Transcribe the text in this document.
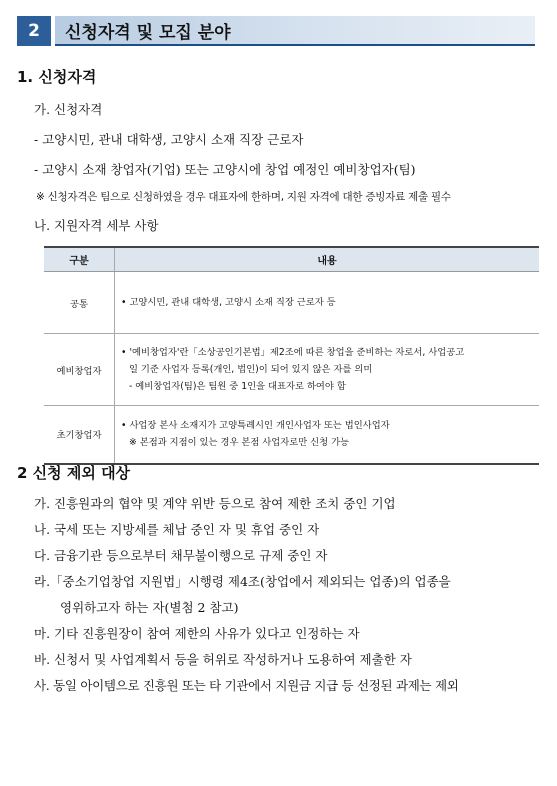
2	신청자격 및 모집 분야
1. 신청자격
가. 신청자격
- 고양시민, 관내 대학생, 고양시 소재 직장 근로자
- 고양시 소재 창업자(기업) 또는 고양시에 창업 예정인 예비창업자(팀)
※ 신청자격은 팀으로 신청하였을 경우 대표자에 한하며, 지원 자격에 대한 증빙자료 제출 필수
나. 지원자격 세부 사항
구분	내용
공통	• 고양시민, 관내 대학생, 고양시 소재 직장 근로자 등
예비창업자	• '예비창업자'란「소상공인기본법」제2조에 따른 창업을 준비하는 자로서, 사업공고
일 기준 사업자 등록(개인, 법인)이 되어 있지 않은 자를 의미
- 예비창업자(팀)은 팀원 중 1인을 대표자로 하여야 함

초기창업자	• 사업장 본사 소재지가 고양특례시인 개인사업자 또는 법인사업자
※ 본점과 지점이 있는 경우 본점 사업자로만 신청 가능
2 신청 제외 대상
가. 진흥원과의 협약 및 계약 위반 등으로 참여 제한 조치 중인 기업
나. 국세 또는 지방세를 체납 중인 자 및 휴업 중인 자
다. 금융기관 등으로부터 채무불이행으로 규제 중인 자
라.「중소기업창업 지원법」시행령 제4조(창업에서 제외되는 업종)의 업종을
영위하고자 하는 자(별첨 2 참고)
마. 기타 진흥원장이 참여 제한의 사유가 있다고 인정하는 자
바. 신청서 및 사업계획서 등을 허위로 작성하거나 도용하여 제출한 자
사. 동일 아이템으로 진흥원 또는 타 기관에서 지원금 지급 등 선정된 과제는 제외
